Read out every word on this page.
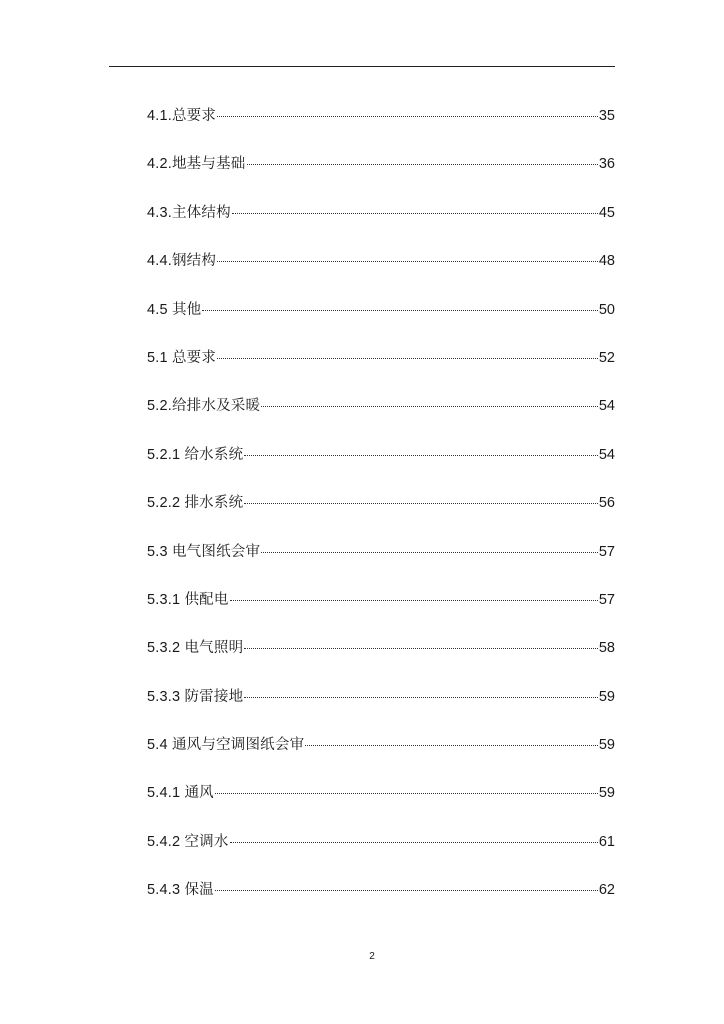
4.1.总要求	35
4.2.地基与基础	36
4.3.主体结构	45
4.4.钢结构	48
4.5 其他	50
5.1 总要求	52
5.2.给排水及采暖	54
5.2.1 给水系统	54
5.2.2 排水系统	56
5.3 电气图纸会审	57
5.3.1 供配电	57
5.3.2 电气照明	58
5.3.3 防雷接地	59
5.4 通风与空调图纸会审	59
5.4.1 通风	59
5.4.2 空调水	61
5.4.3 保温	62
2
